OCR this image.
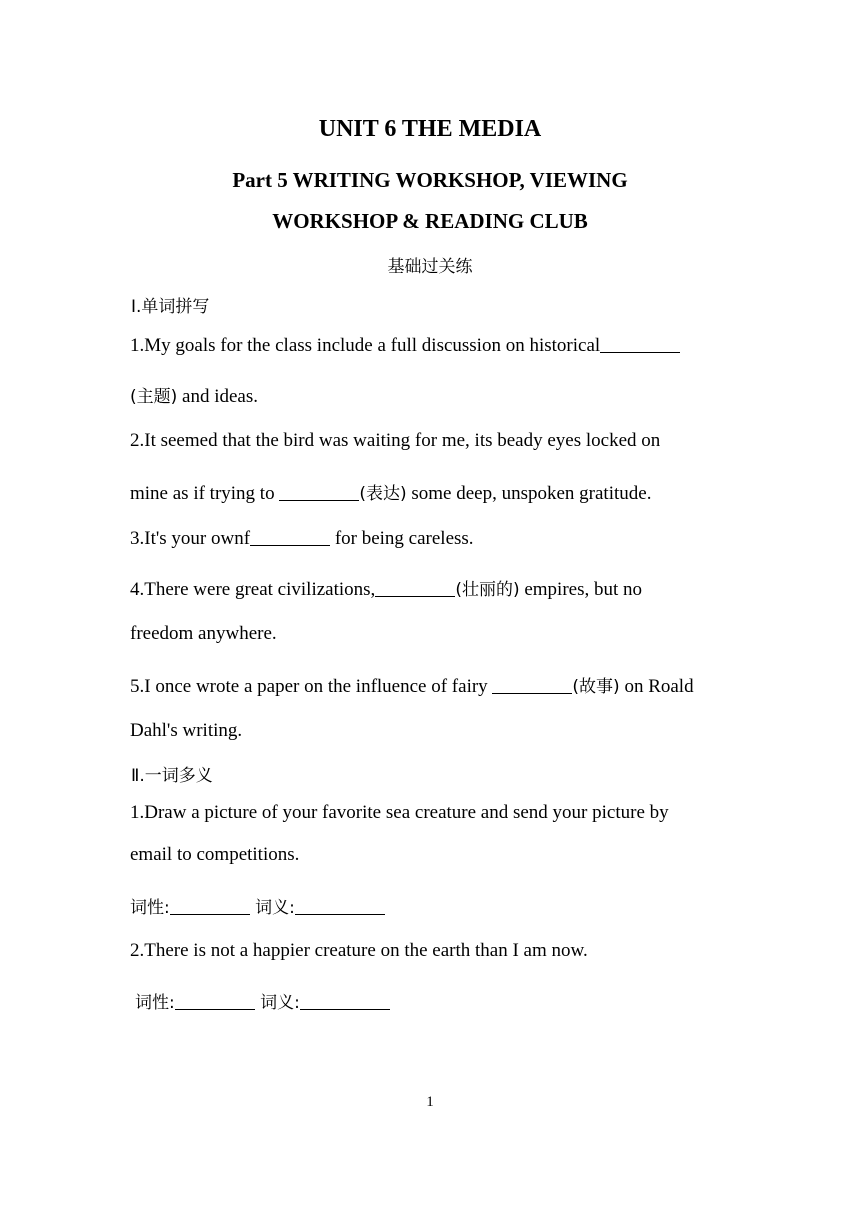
UNIT 6 THE MEDIA
Part 5 WRITING WORKSHOP, VIEWING
WORKSHOP & READING CLUB
基础过关练
Ⅰ.单词拼写
1.My goals for the class include a full discussion on historical
(主题) and ideas.
2.It seemed that the bird was waiting for me, its beady eyes locked on
mine as if trying to	(表达) some deep, unspoken gratitude.
3.It's your ownf	for being careless.
4.There were great civilizations,	(壮丽的) empires, but no
freedom anywhere.
5.I once wrote a paper on the influence of fairy	(故事) on Roald
Dahl's writing.
Ⅱ.一词多义
1.Draw a picture of your favorite sea creature and send your picture by
email to competitions.
词性:	词义:
2.There is not a happier creature on the earth than I am now.
词性:	词义:
1
